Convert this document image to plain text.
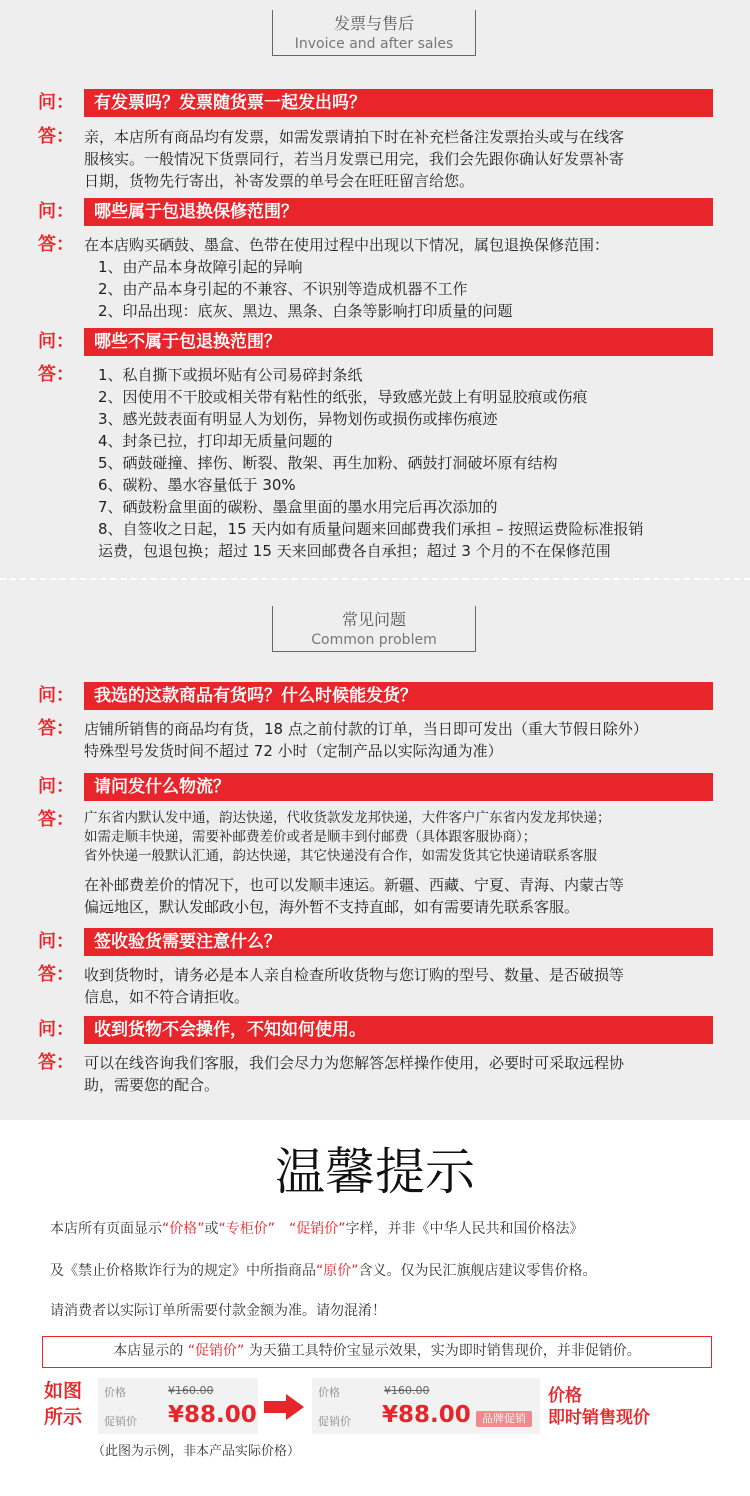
发票与售后
Invoice and after sales
问：	有发票吗？发票随货票一起发出吗？
答： 亲，本店所有商品均有发票，如需发票请拍下时在补充栏备注发票抬头或与在线客
服核实。一般情况下货票同行，若当月发票已用完，我们会先跟你确认好发票补寄
日期，货物先行寄出，补寄发票的单号会在旺旺留言给您。
问：	哪些属于包退换保修范围？
答： 在本店购买硒鼓、墨盒、色带在使用过程中出现以下情况，属包退换保修范围：
1、由产品本身故障引起的异响
2、由产品本身引起的不兼容、不识别等造成机器不工作
2、印品出现：底灰、黑边、黑条、白条等影响打印质量的问题
问：	哪些不属于包退换范围？
答： 1、私自撕下或损坏贴有公司易碎封条纸
2、因使用不干胶或相关带有粘性的纸张，导致感光鼓上有明显胶痕或伤痕
3、感光鼓表面有明显人为划伤，异物划伤或损伤或摔伤痕迹
4、封条已拉，打印却无质量问题的
5、硒鼓碰撞、摔伤、断裂、散架、再生加粉、硒鼓打洞破坏原有结构
6、碳粉、墨水容量低于 30%
7、硒鼓粉盒里面的碳粉、墨盒里面的墨水用完后再次添加的
8、自签收之日起，15 天内如有质量问题来回邮费我们承担 – 按照运费险标准报销
运费，包退包换；超过 15 天来回邮费各自承担；超过 3 个月的不在保修范围
常见问题
Common problem
问：	我选的这款商品有货吗？什么时候能发货？
答： 店铺所销售的商品均有货，18 点之前付款的订单，当日即可发出（重大节假日除外）
特殊型号发货时间不超过 72 小时（定制产品以实际沟通为准）
问：	请问发什么物流？
答： 广东省内默认发中通，韵达快递，代收货款发龙邦快递，大件客户广东省内发龙邦快递；
如需走顺丰快递，需要补邮费差价或者是顺丰到付邮费（具体跟客服协商）；
省外快递一般默认汇通，韵达快递，其它快递没有合作，如需发货其它快递请联系客服
在补邮费差价的情况下，也可以发顺丰速运。新疆、西藏、宁夏、青海、内蒙古等
偏远地区，默认发邮政小包，海外暂不支持直邮，如有需要请先联系客服。
问：	签收验货需要注意什么？
答： 收到货物时，请务必是本人亲自检查所收货物与您订购的型号、数量、是否破损等
信息，如不符合请拒收。
问：	收到货物不会操作，不知如何使用。
答： 可以在线咨询我们客服，我们会尽力为您解答怎样操作使用，必要时可采取远程协
助，需要您的配合。
温馨提示
本店所有页面显示“价格”或“专柜价”  “促销价”字样，并非《中华人民共和国价格法》
及《禁止价格欺诈行为的规定》中所指商品“原价”含义。仅为民汇旗舰店建议零售价格。
请消费者以实际订单所需要付款金额为准。请勿混淆！
本店显示的 “促销价” 为天猫工具特价宝显示效果，实为即时销售现价，并非促销价。
如图
所示
价格	¥160.00
促销价 ¥88.00
价格	¥160.00
促销价 ¥88.00	品牌促销
价格
即时销售现价
（此图为示例，非本产品实际价格）
